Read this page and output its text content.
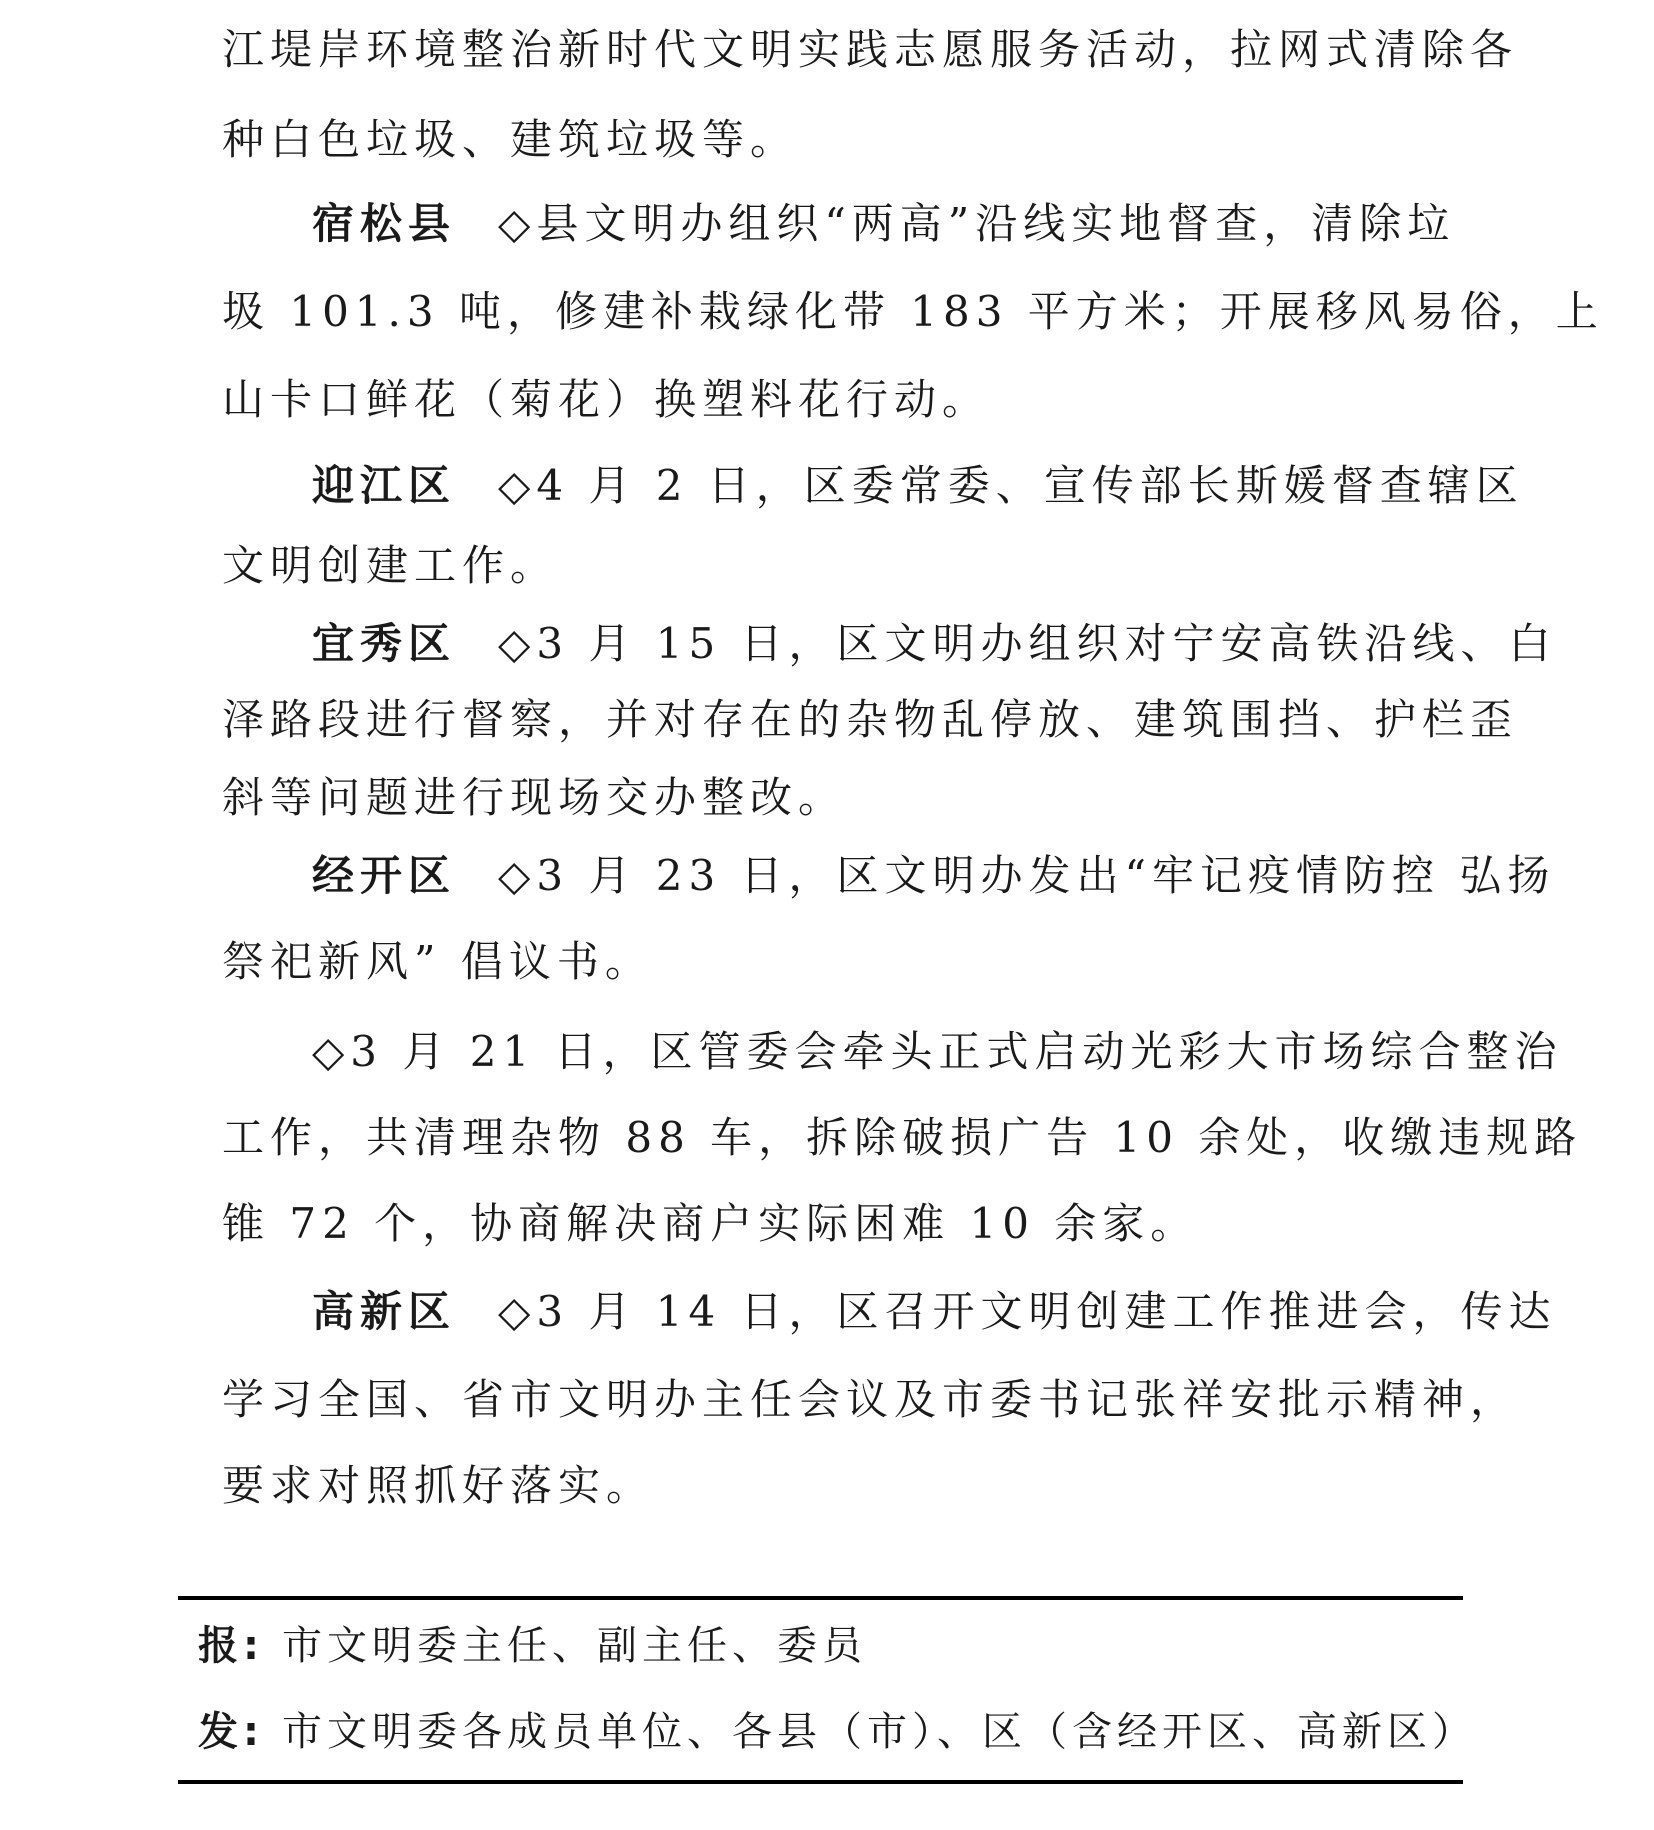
江堤岸环境整治新时代文明实践志愿服务活动，拉网式清除各
种白色垃圾、建筑垃圾等。
宿松县 ◇县文明办组织“两高”沿线实地督查，清除垃
圾 101.3 吨，修建补栽绿化带 183 平方米；开展移风易俗，上
山卡口鲜花（菊花）换塑料花行动。
迎江区 ◇4 月 2 日，区委常委、宣传部长斯媛督查辖区
文明创建工作。
宜秀区 ◇3 月 15 日，区文明办组织对宁安高铁沿线、白
泽路段进行督察，并对存在的杂物乱停放、建筑围挡、护栏歪
斜等问题进行现场交办整改。
经开区 ◇3 月 23 日，区文明办发出“牢记疫情防控 弘扬
祭祀新风” 倡议书。
◇3 月 21 日，区管委会牵头正式启动光彩大市场综合整治
工作，共清理杂物 88 车，拆除破损广告 10 余处，收缴违规路
锥 72 个，协商解决商户实际困难 10 余家。
高新区 ◇3 月 14 日，区召开文明创建工作推进会，传达
学习全国、省市文明办主任会议及市委书记张祥安批示精神，
要求对照抓好落实。
报: 市文明委主任、副主任、委员
发: 市文明委各成员单位、各县（市）、区（含经开区、高新区）
